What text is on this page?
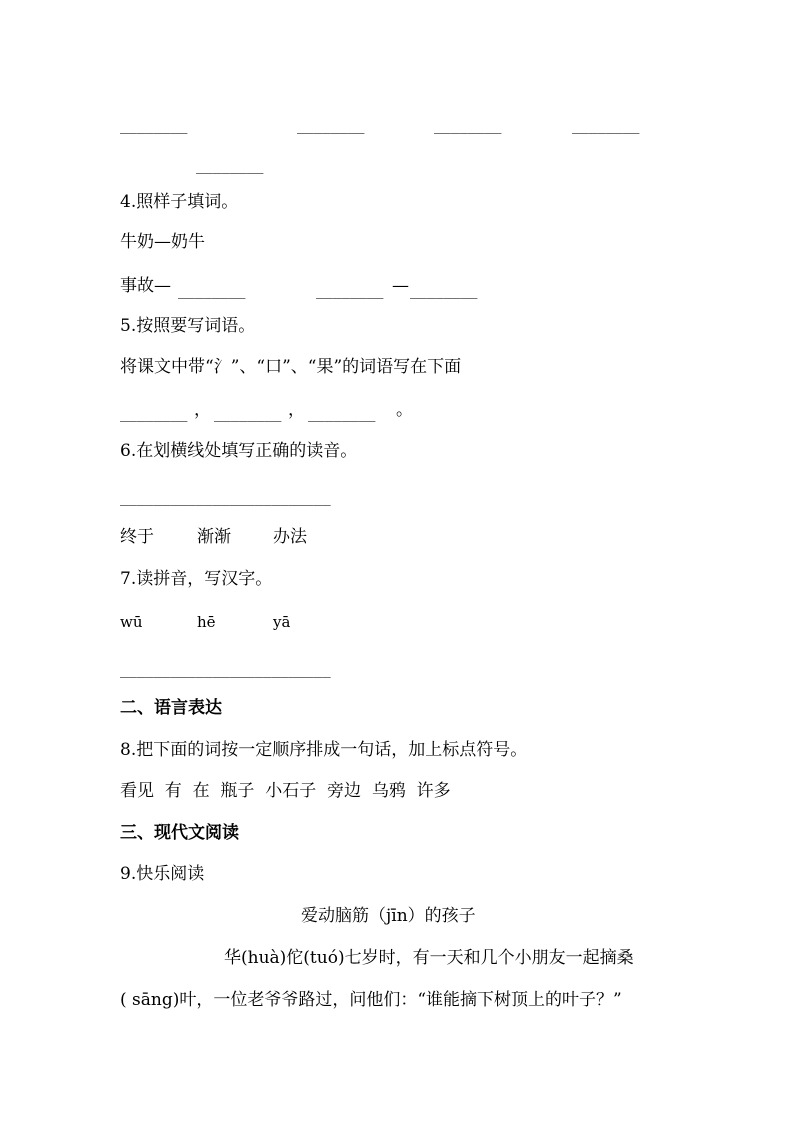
________	________	________	________
________
4.照样子填词。
牛奶—奶牛
事故— ________	________ — ________
5.按照要写词语。
将课文中带“氵”、“口”、“果”的词语写在下面
________ ， ________ ， ________ 。
6.在划横线处填写正确的读音。
_________________________
终于	渐渐 办法
7.读拼音，写汉字。
wū	hē	yā
_________________________
二、语言表达
8.把下面的词按一定顺序排成一句话，加上标点符号。
看见  有  在  瓶子  小石子  旁边  乌鸦  许多
三、现代文阅读
9.快乐阅读
爱动脑筋（jīn）的孩子
华(huà)佗(tuó)七岁时，有一天和几个小朋友一起摘桑
( sāng)叶，一位老爷爷路过，问他们：“谁能摘下树顶上的叶子？”
